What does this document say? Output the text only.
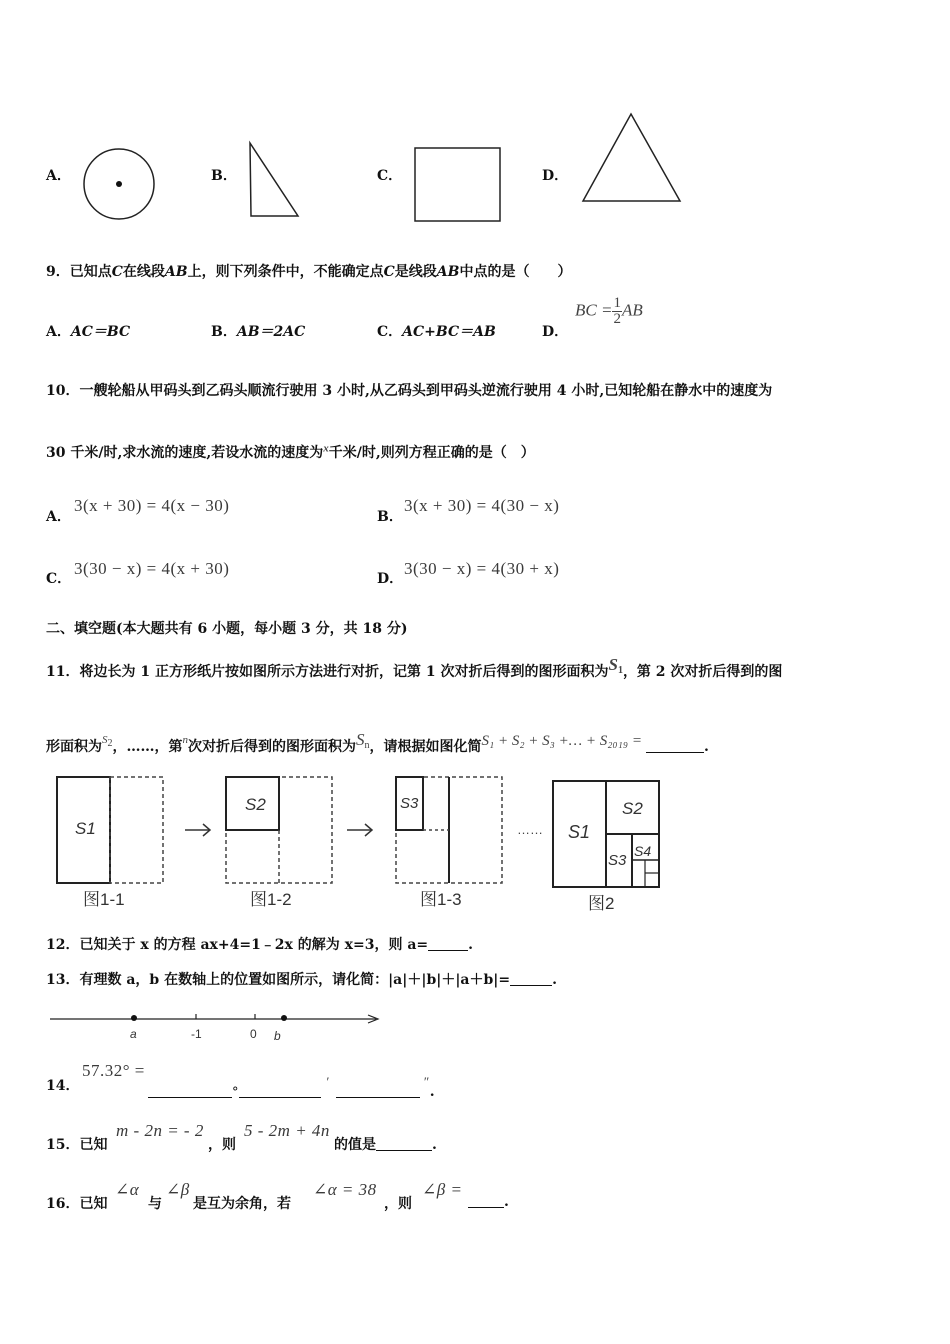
A．	B．	C．	D．
9．已知点C在线段AB上，则下列条件中，不能确定点C是线段AB中点的是（　　）
A．AC＝BC	B．AB＝2AC	C．AC+BC＝AB	D．
BC = $\frac{1}{2}$ AB
10．一艘轮船从甲码头到乙码头顺流行驶用 3 小时,从乙码头到甲码头逆流行驶用 4 小时,已知轮船在静水中的速度为
30 千米/时,求水流的速度,若设水流的速度为$^x$千米/时,则列方程正确的是（　）
A．
3(x + 30) = 4(x − 30)
B．
3(x + 30) = 4(30 − x)
C．
3(30 − x) = 4(x + 30)
D．
3(30 − x) = 4(30 + x)
二、填空题(本大题共有 6 小题，每小题 3 分，共 18 分)
11．将边长为 1 正方形纸片按如图所示方法进行对折，记第 1 次对折后得到的图形面积为$S_1$，第 2 次对折后得到的图
形面积为$^{S2}$，……，第$^n$次对折后得到的图形面积为$S_n$，请根据如图化简S₁ + S₂ + S₃ +… + S₂₀₁₉ =	.
S1
图1-1
S2
图1-2
S3
图1-3
…… S1
S2
S3
S4
图2
12．已知关于 x 的方程 ax+4=1﹣2x 的解为 x=3，则 a=	.
13．有理数 a，b 在数轴上的位置如图所示，请化简：|a|＋|b|＋|a＋b|=	.
a	-1	0 b
14．
57.32° =
°′	″.
15．已知
m - 2n = - 2
，则
5 - 2m + 4n
的值是	.
16．已知
∠α
与
∠β
是互为余角，若
∠α = 38
，则
∠β =
.
